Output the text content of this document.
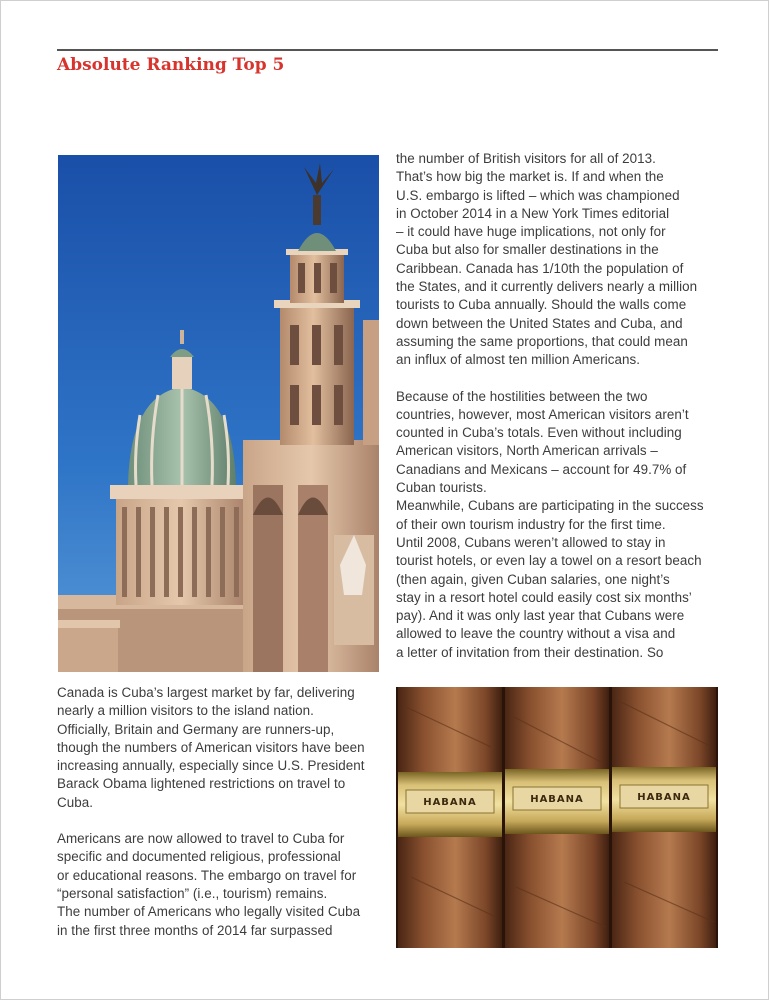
Absolute Ranking Top 5

the number of British visitors for all of 2013.
That’s how big the market is. If and when the
U.S. embargo is lifted – which was championed
in October 2014 in a New York Times editorial
– it could have huge implications, not only for
Cuba but also for smaller destinations in the
Caribbean. Canada has 1/10th the population of
the States, and it currently delivers nearly a million
tourists to Cuba annually. Should the walls come
down between the United States and Cuba, and
assuming the same proportions, that could mean
an influx of almost ten million Americans.

Because of the hostilities between the two
countries, however, most American visitors aren’t
counted in Cuba’s totals. Even without including
American visitors, North American arrivals –
Canadians and Mexicans – account for 49.7% of
Cuban tourists.

Meanwhile, Cubans are participating in the success
of their own tourism industry for the first time.
Until 2008, Cubans weren’t allowed to stay in
tourist hotels, or even lay a towel on a resort beach
(then again, given Cuban salaries, one night’s
stay in a resort hotel could easily cost six months’
pay). And it was only last year that Cubans were
allowed to leave the country without a visa and
a letter of invitation from their destination. So

Canada is Cuba’s largest market by far, delivering
nearly a million visitors to the island nation.
Officially, Britain and Germany are runners-up,
though the numbers of American visitors have been
increasing annually, especially since U.S. President
Barack Obama lightened restrictions on travel to
Cuba.

Americans are now allowed to travel to Cuba for
specific and documented religious, professional
or educational reasons. The embargo on travel for
“personal satisfaction” (i.e., tourism) remains.
The number of Americans who legally visited Cuba
in the first three months of 2014 far surpassed

HABANA	HABANA	HABANA
